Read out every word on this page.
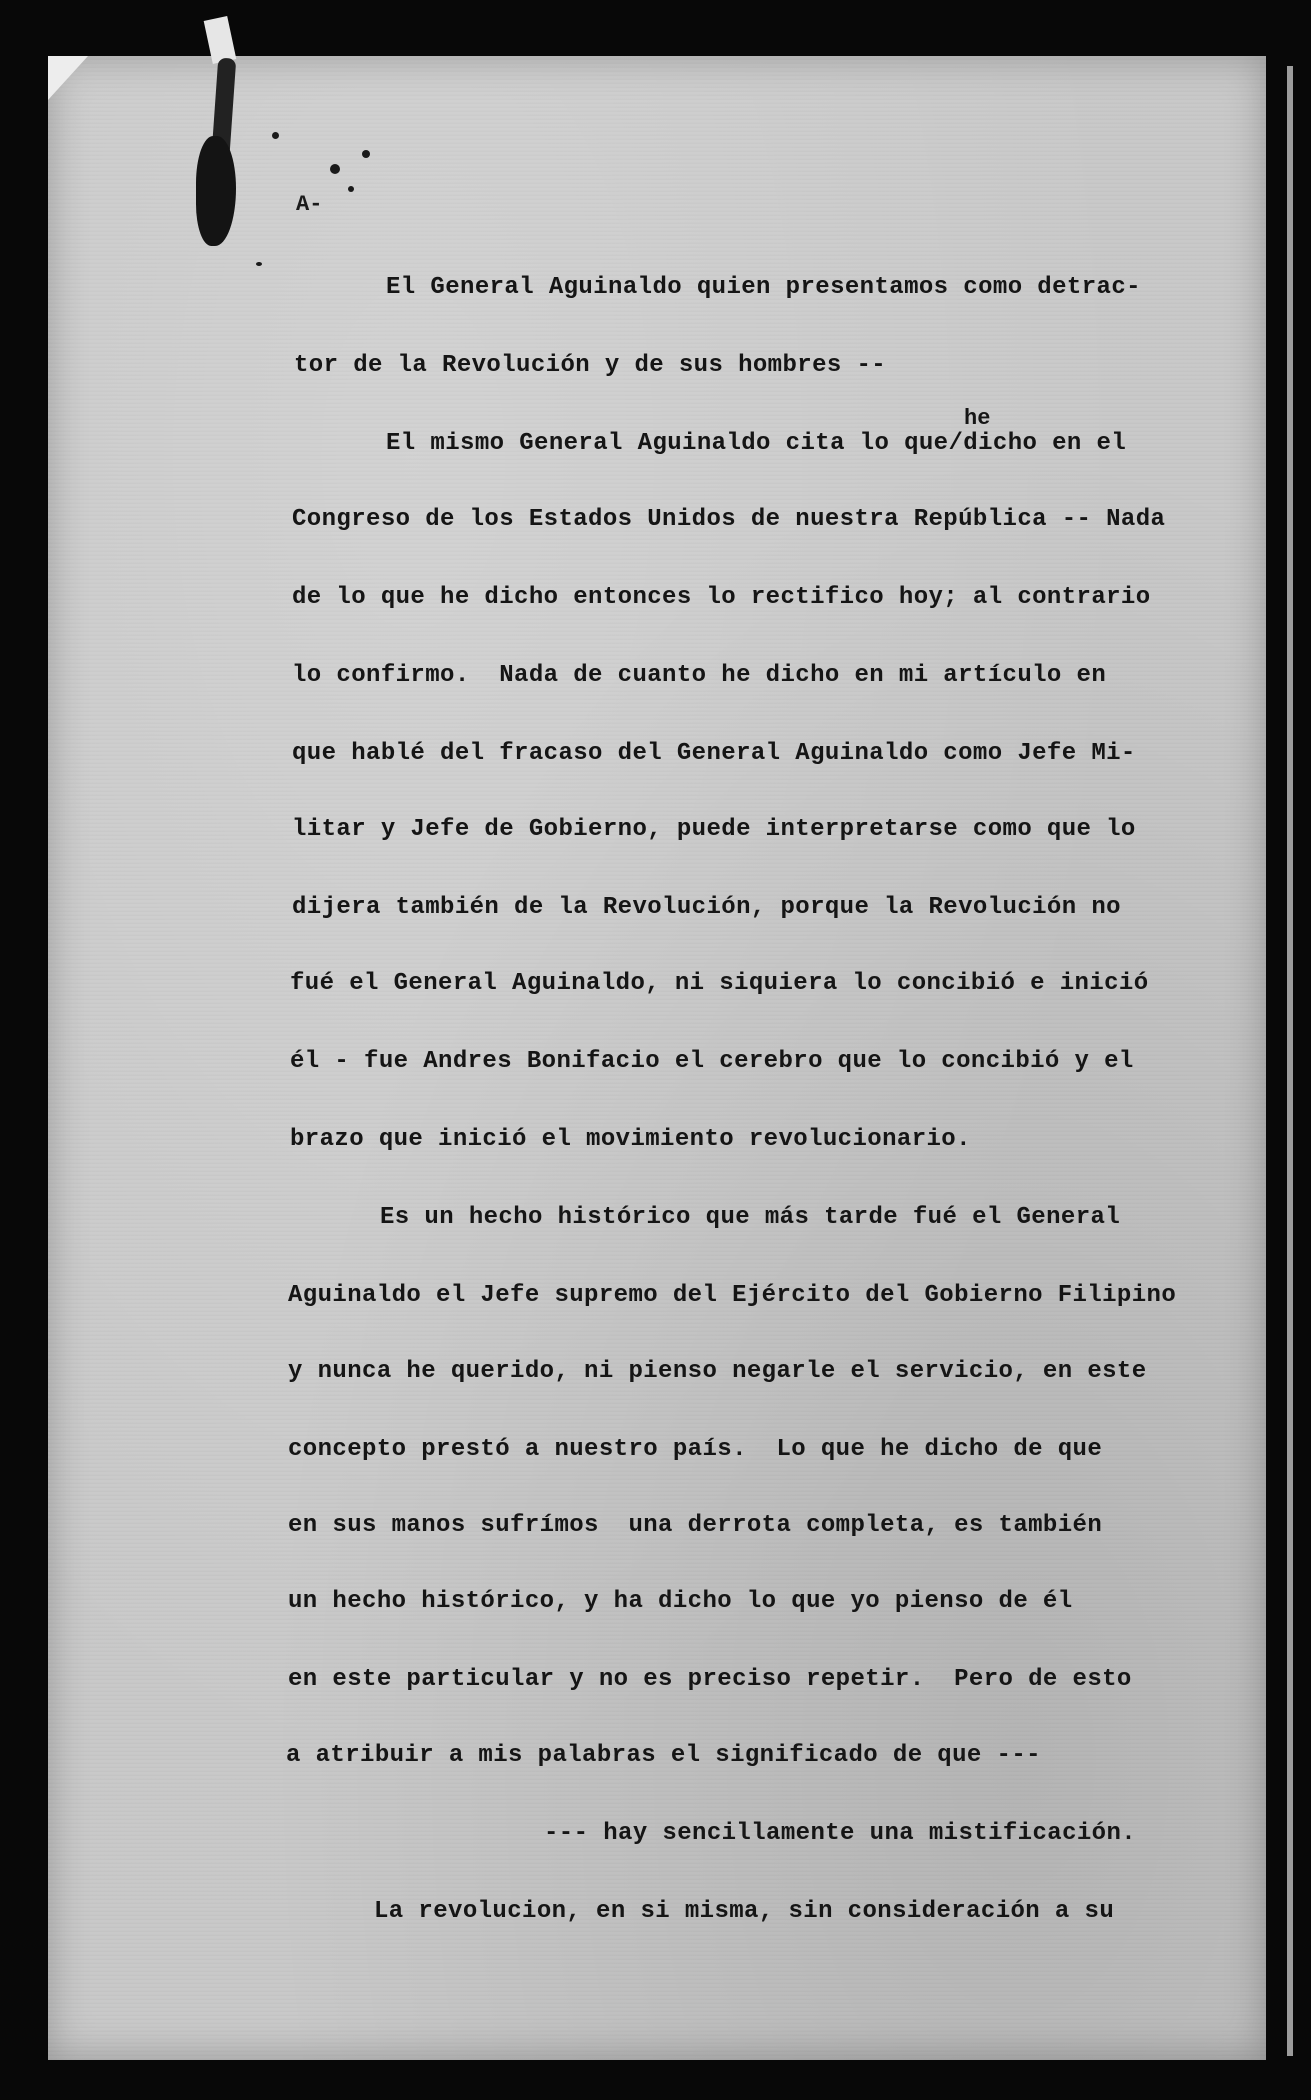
A-
he
El General Aguinaldo quien presentamos como detrac-
tor de la Revolución y de sus hombres --
El mismo General Aguinaldo cita lo que/dicho en el
Congreso de los Estados Unidos de nuestra República -- Nada
de lo que he dicho entonces lo rectifico hoy; al contrario
lo confirmo.  Nada de cuanto he dicho en mi artículo en
que hablé del fracaso del General Aguinaldo como Jefe Mi-
litar y Jefe de Gobierno, puede interpretarse como que lo
dijera también de la Revolución, porque la Revolución no
fué el General Aguinaldo, ni siquiera lo concibió e inició
él - fue Andres Bonifacio el cerebro que lo concibió y el
brazo que inició el movimiento revolucionario.
Es un hecho histórico que más tarde fué el General
Aguinaldo el Jefe supremo del Ejército del Gobierno Filipino
y nunca he querido, ni pienso negarle el servicio, en este
concepto prestó a nuestro país.  Lo que he dicho de que
en sus manos sufrímos  una derrota completa, es también
un hecho histórico, y ha dicho lo que yo pienso de él
en este particular y no es preciso repetir.  Pero de esto
a atribuir a mis palabras el significado de que ---
--- hay sencillamente una mistificación.
La revolucion, en si misma, sin consideración a su
